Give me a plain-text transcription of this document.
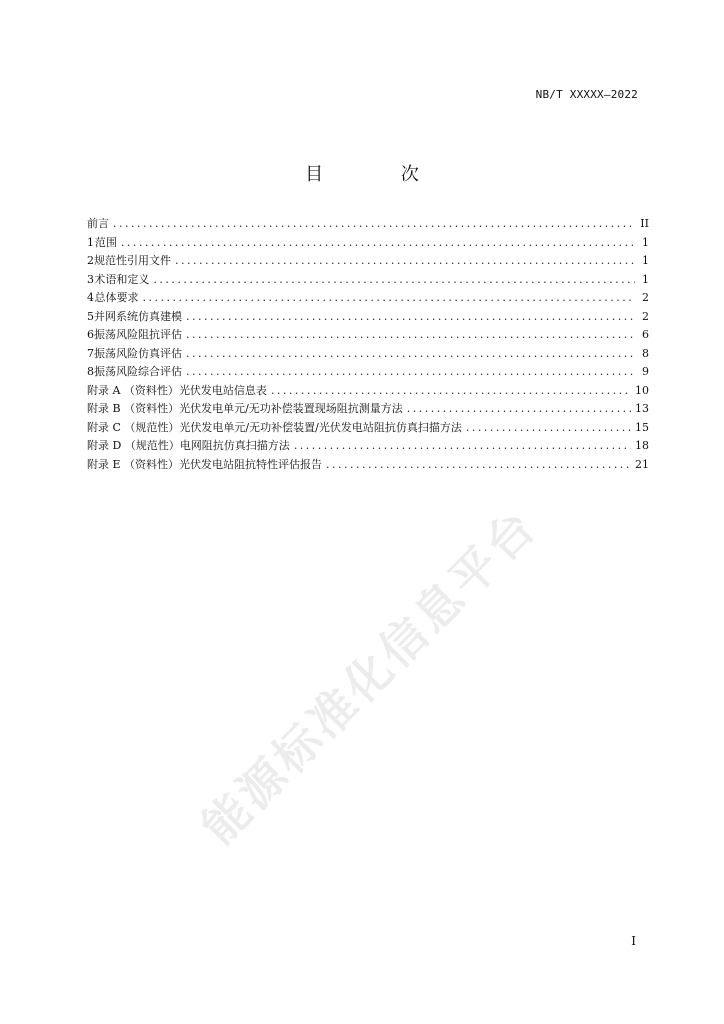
NB/T XXXXX—2022
目 次
前言 .....	II
1 范围 .....	1
2 规范性引用文件 .....	1
3 术语和定义 .....	1
4 总体要求 .....	2
5 并网系统仿真建模 .....	2
6 振荡风险阻抗评估 .....	6
7 振荡风险仿真评估 .....	8
8 振荡风险综合评估 .....	9
附录 A （资料性） 光伏发电站信息表 .....	10
附录 B （资料性） 光伏发电单元/无功补偿装置现场阻抗测量方法 .....	13
附录 C （规范性） 光伏发电单元/无功补偿装置/光伏发电站阻抗仿真扫描方法 .....	15
附录 D （规范性） 电网阻抗仿真扫描方法 .....	18
附录 E （资料性） 光伏发电站阻抗特性评估报告 .....	21
能源标准化信息平台
I
